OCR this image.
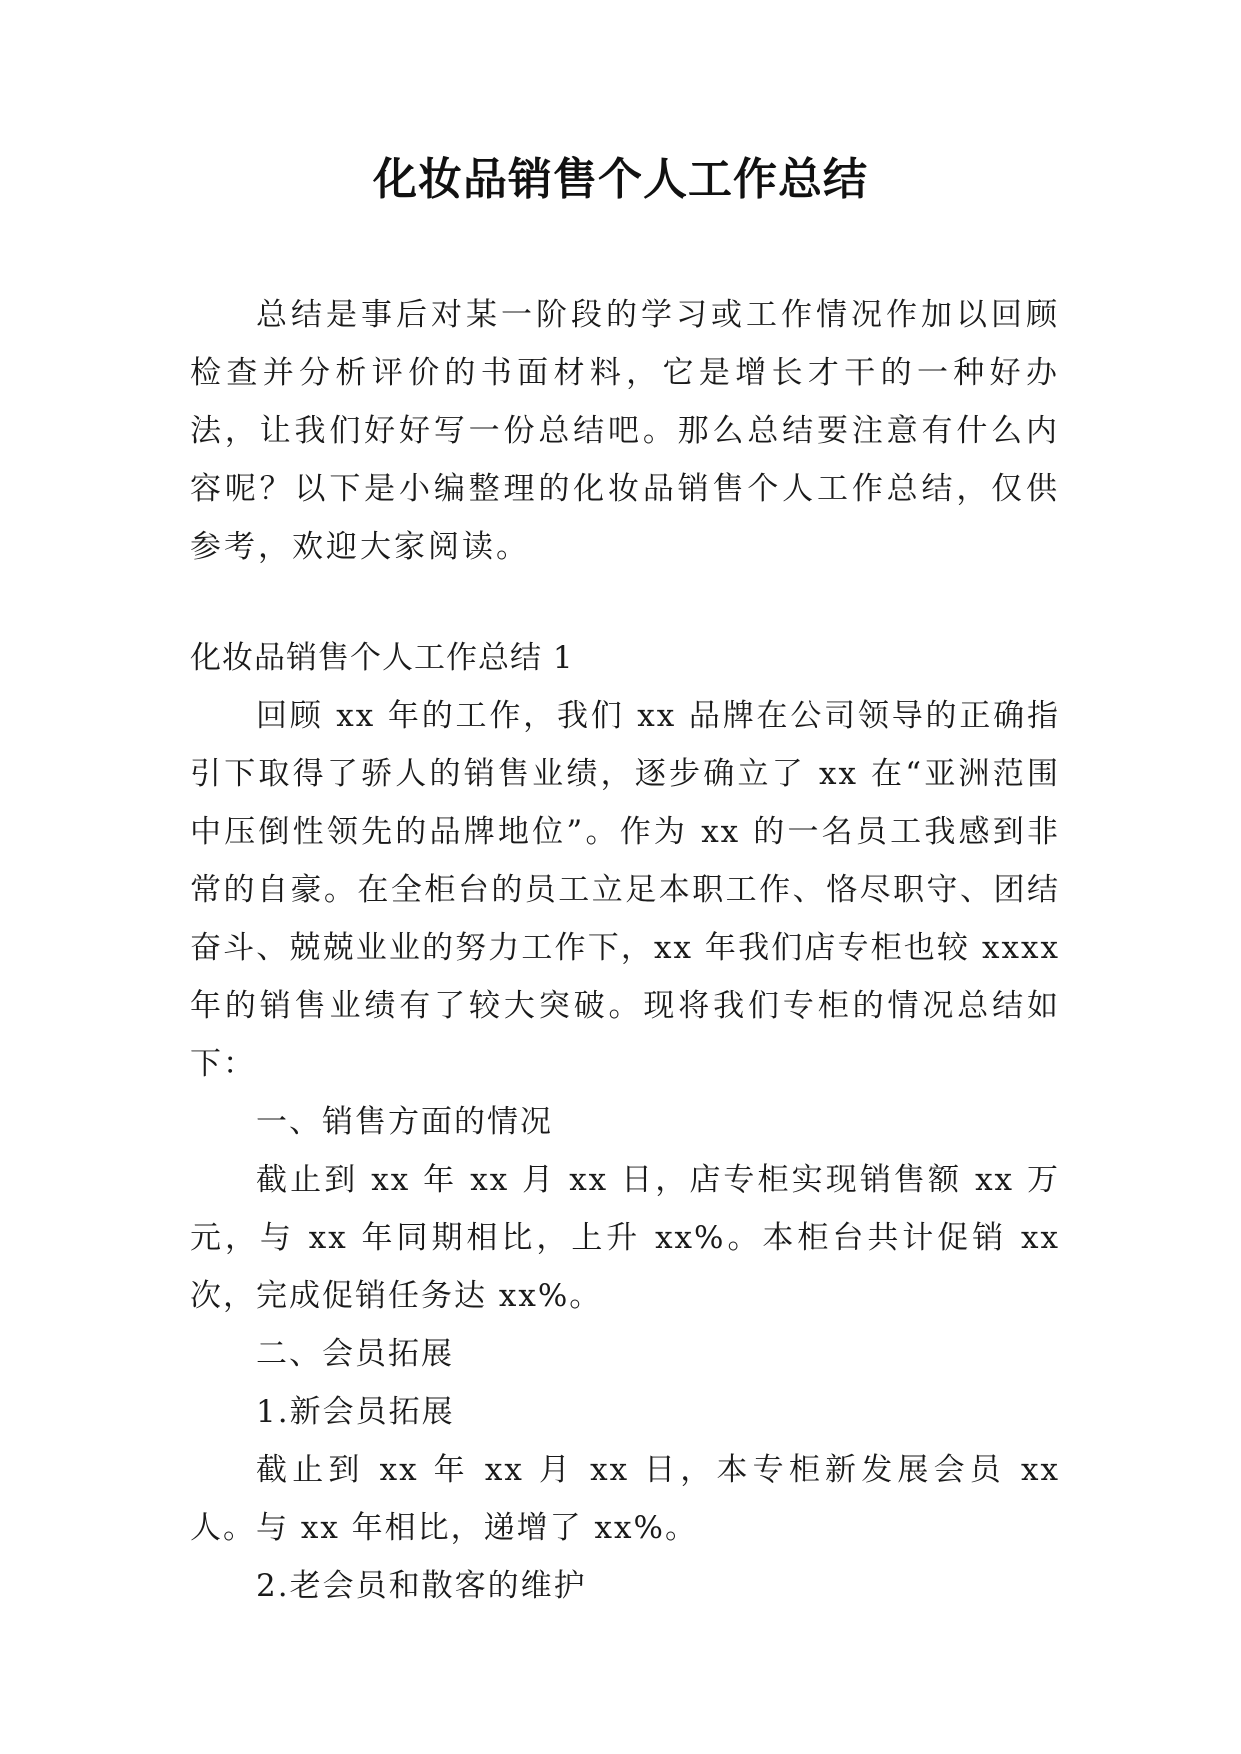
化妆品销售个人工作总结

总结是事后对某一阶段的学习或工作情况作加以回顾检查并分析评价的书面材料，它是增长才干的一种好办法，让我们好好写一份总结吧。那么总结要注意有什么内容呢？以下是小编整理的化妆品销售个人工作总结，仅供参考，欢迎大家阅读。

化妆品销售个人工作总结 1

回顾 xx 年的工作，我们 xx 品牌在公司领导的正确指引下取得了骄人的销售业绩，逐步确立了 xx 在“亚洲范围中压倒性领先的品牌地位”。作为 xx 的一名员工我感到非常的自豪。在全柜台的员工立足本职工作、恪尽职守、团结奋斗、兢兢业业的努力工作下，xx 年我们店专柜也较 xxxx 年的销售业绩有了较大突破。现将我们专柜的情况总结如下：

一、销售方面的情况

截止到 xx 年 xx 月 xx 日，店专柜实现销售额 xx 万元，与 xx 年同期相比，上升 xx%。本柜台共计促销 xx 次，完成促销任务达 xx%。

二、会员拓展

1.新会员拓展

截止到 xx 年 xx 月 xx 日，本专柜新发展会员 xx 人。与 xx 年相比，递增了 xx%。

2.老会员和散客的维护
